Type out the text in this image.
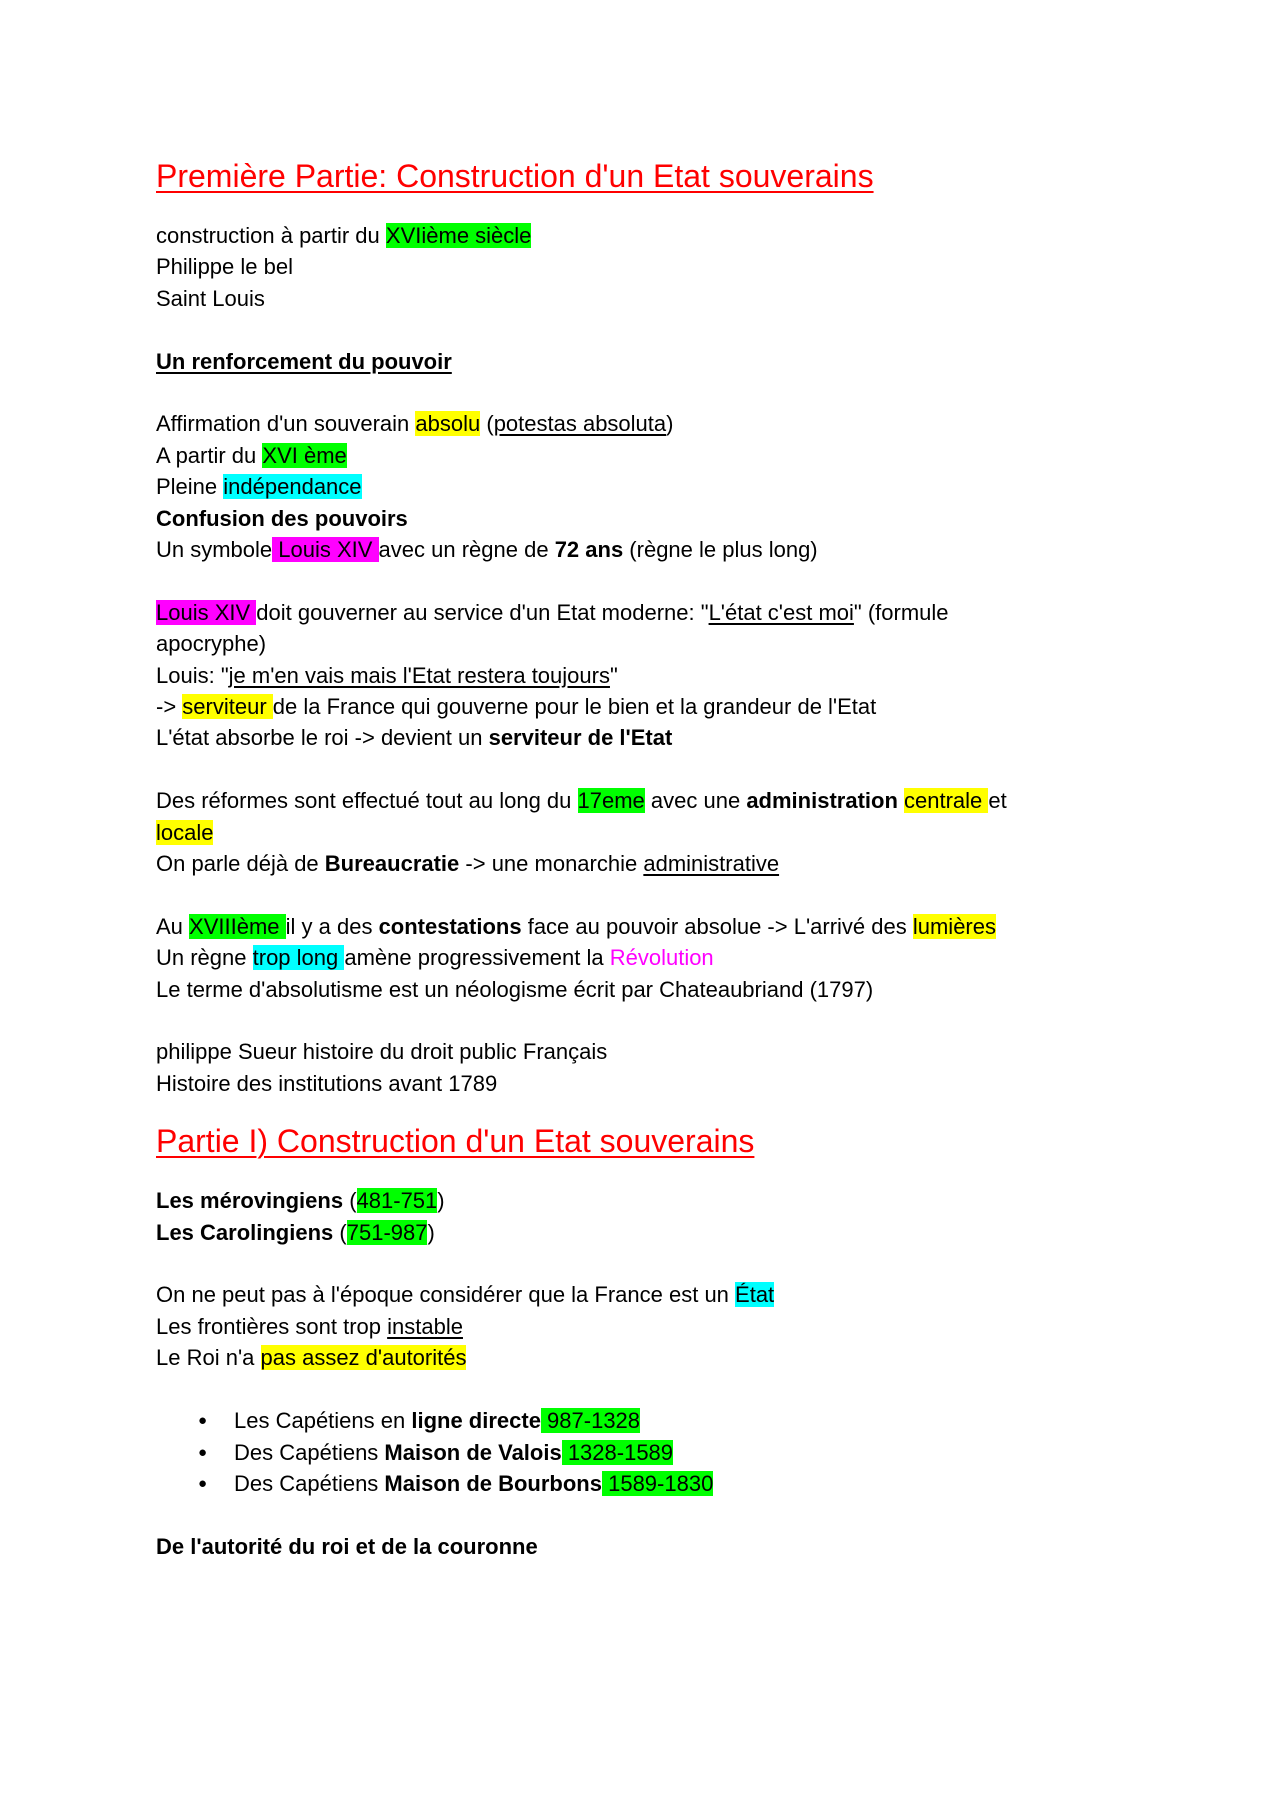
Première Partie: Construction d'un Etat souverains

construction à partir du XVIième siècle

Philippe le bel

Saint Louis

Un renforcement du pouvoir

Affirmation d'un souverain absolu (potestas absoluta)

A partir du XVI ème

Pleine indépendance

Confusion des pouvoirs

Un symbole Louis XIV avec un règne de 72 ans (règne le plus long)

Louis XIV doit gouverner au service d'un Etat moderne: "L'état c'est moi" (formule

apocryphe)

Louis: "je m'en vais mais l'Etat restera toujours"

-> serviteur de la France qui gouverne pour le bien et la grandeur de l'Etat

L'état absorbe le roi -> devient un serviteur de l'Etat

Des réformes sont effectué tout au long du 17eme avec une administration centrale et

locale

On parle déjà de Bureaucratie -> une monarchie administrative

Au XVIIIème il y a des contestations face au pouvoir absolue -> L'arrivé des lumières

Un règne trop long amène progressivement la Révolution

Le terme d'absolutisme est un néologisme écrit par Chateaubriand (1797)

philippe Sueur histoire du droit public Français

Histoire des institutions avant 1789

Partie I) Construction d'un Etat souverains

Les mérovingiens (481-751)

Les Carolingiens (751-987)

On ne peut pas à l'époque considérer que la France est un État

Les frontières sont trop instable

Le Roi n'a pas assez d'autorités

● Les Capétiens en ligne directe 987-1328
● Des Capétiens Maison de Valois 1328-1589
● Des Capétiens Maison de Bourbons 1589-1830

De l'autorité du roi et de la couronne
